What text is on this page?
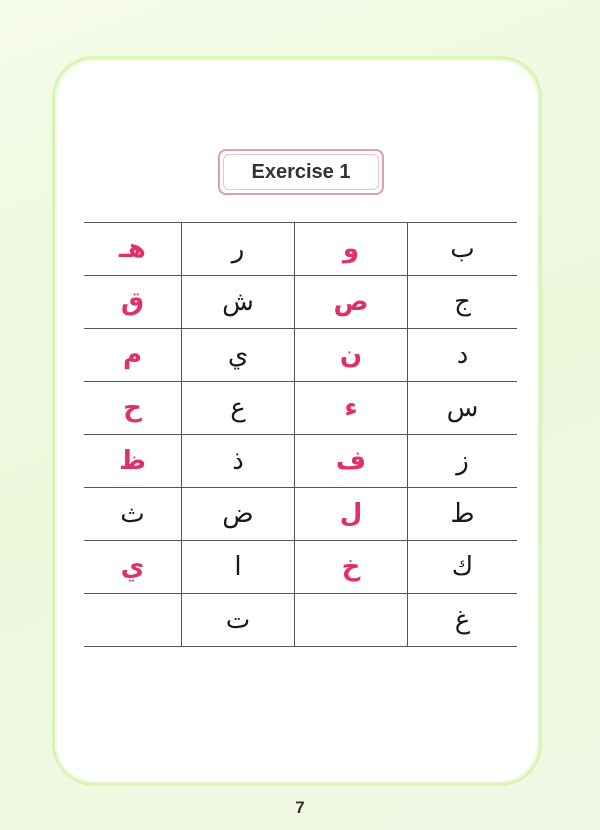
Exercise 1
هـ	ر	و	ب
ق	ش	ص	ج
م	ي	ن	د
ح	ع	ء	س
ظ	ذ	ف	ز
ث	ض	ل	ط
ي	ا	خ	ك
	ت		غ
7
